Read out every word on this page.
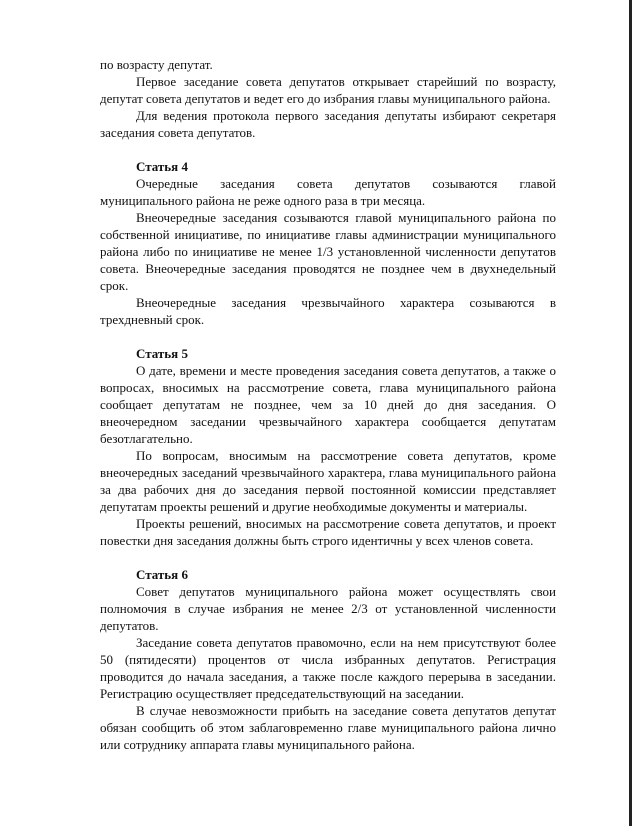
по возрасту депутат.

Первое заседание совета депутатов открывает старейший по возрасту, депутат совета депутатов и ведет его до избрания главы муниципального района.

Для ведения протокола первого заседания депутаты избирают секретаря заседания совета депутатов.

Статья 4

Очередные заседания совета депутатов созываются главой муниципального района не реже одного раза в три месяца.

Внеочередные заседания созываются главой муниципального района по собственной инициативе, по инициативе главы администрации муниципального района либо по инициативе не менее 1/3 установленной численности депутатов совета. Внеочередные заседания проводятся не позднее чем в двухнедельный срок.

Внеочередные заседания чрезвычайного характера созываются в трехдневный срок.

Статья 5

О дате, времени и месте проведения заседания совета депутатов, а также о вопросах, вносимых на рассмотрение совета, глава муниципального района сообщает депутатам не позднее, чем за 10 дней до дня заседания. О внеочередном заседании чрезвычайного характера сообщается депутатам безотлагательно.

По вопросам, вносимым на рассмотрение совета депутатов, кроме внеочередных заседаний чрезвычайного характера, глава муниципального района за два рабочих дня до заседания первой постоянной комиссии представляет депутатам проекты решений и другие необходимые документы и материалы.

Проекты решений, вносимых на рассмотрение совета депутатов, и проект повестки дня заседания должны быть строго идентичны у всех членов совета.

Статья 6

Совет депутатов муниципального района может осуществлять свои полномочия в случае избрания не менее 2/3 от установленной численности депутатов.

Заседание совета депутатов правомочно, если на нем присутствуют более 50 (пятидесяти) процентов от числа избранных депутатов. Регистрация проводится до начала заседания, а также после каждого перерыва в заседании. Регистрацию осуществляет председательствующий на заседании.

В случае невозможности прибыть на заседание совета депутатов депутат обязан сообщить об этом заблаговременно главе муниципального района лично или сотруднику аппарата главы муниципального района.
